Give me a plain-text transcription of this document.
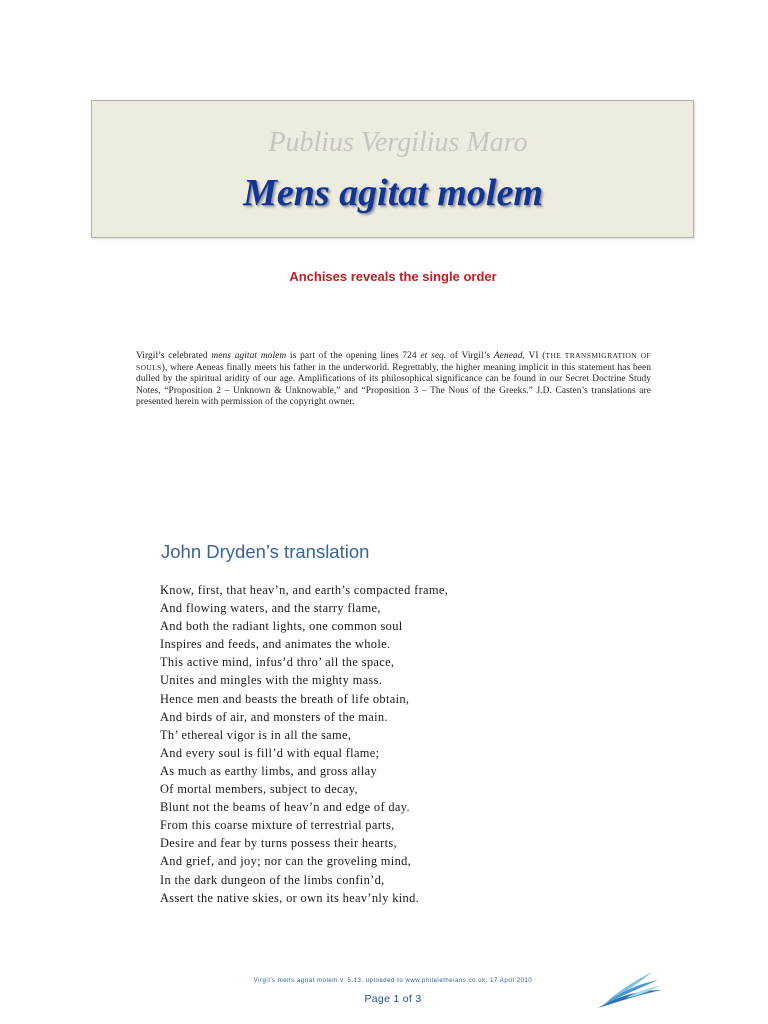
Publius Vergilius Maro
Mens agitat molem
Anchises reveals the single order

Virgil’s celebrated mens agitat molem is part of the opening lines 724 et seq. of Virgil’s Aenead, VI (THE TRANSMIGRATION OF SOULS), where Aeneas finally meets his father in the underworld. Regrettably, the higher meaning implicit in this statement has been dulled by the spiritual aridity of our age. Amplifications of its philosophical significance can be found in our Secret Doctrine Study Notes, “Proposition 2 – Unknown & Unknowable,” and “Proposition 3 – The Nous of the Greeks.” J.D. Casten’s translations are presented herein with permission of the copyright owner.

John Dryden’s translation
Know, first, that heav’n, and earth’s compacted frame,
And flowing waters, and the starry flame,
And both the radiant lights, one common soul
Inspires and feeds, and animates the whole.
This active mind, infus’d thro’ all the space,
Unites and mingles with the mighty mass.
Hence men and beasts the breath of life obtain,
And birds of air, and monsters of the main.
Th’ ethereal vigor is in all the same,
And every soul is fill’d with equal flame;
As much as earthy limbs, and gross allay
Of mortal members, subject to decay,
Blunt not the beams of heav’n and edge of day.
From this coarse mixture of terrestrial parts,
Desire and fear by turns possess their hearts,
And grief, and joy; nor can the groveling mind,
In the dark dungeon of the limbs confin’d,
Assert the native skies, or own its heav’nly kind.
Virgil’s mens agitat molem v. 5.13, uploaded to www.philaletheians.co.uk, 17 April 2010
Page 1 of 3
